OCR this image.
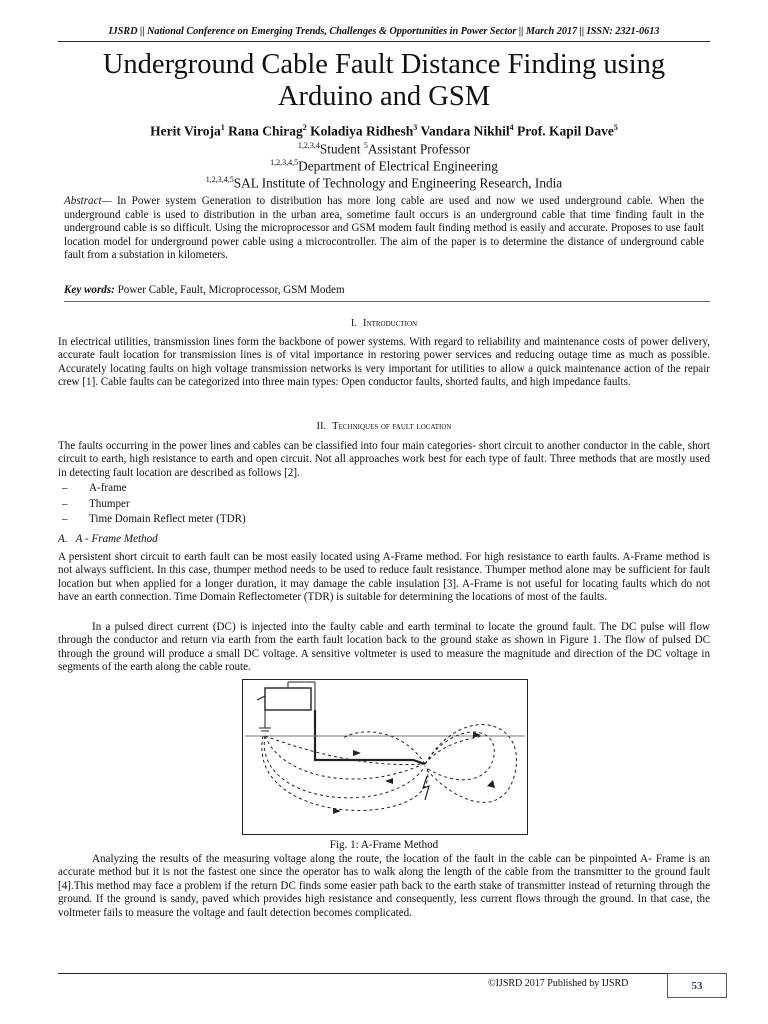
IJSRD || National Conference on Emerging Trends, Challenges & Opportunities in Power Sector || March 2017 || ISSN: 2321-0613
Underground Cable Fault Distance Finding using
Arduino and GSM
Herit Viroja$^1$ Rana Chirag$^2$ Koladiya Ridhesh$^3$ Vandara Nikhil$^4$ Prof. Kapil Dave$^5$
$^{1,2,3,4}$Student $^5$Assistant Professor
$^{1,2,3,4,5}$Department of Electrical Engineering
$^{1,2,3,4,5}$SAL Institute of Technology and Engineering Research, India

Abstract— In Power system Generation to distribution has more long cable are used and now we used underground cable. When the underground cable is used to distribution in the urban area, sometime fault occurs is an underground cable that time finding fault in the underground cable is so difficult. Using the microprocessor and GSM modem fault finding method is easily and accurate. Proposes to use fault location model for underground power cable using a microcontroller. The aim of the paper is to determine the distance of underground cable fault from a substation in kilometers.

Key words: Power Cable, Fault, Microprocessor, GSM Modem

I. Introduction

In electrical utilities, transmission lines form the backbone of power systems. With regard to reliability and maintenance costs of power delivery, accurate fault location for transmission lines is of vital importance in restoring power services and reducing outage time as much as possible. Accurately locating faults on high voltage transmission networks is very important for utilities to allow a quick maintenance action of the repair crew [1]. Cable faults can be categorized into three main types: Open conductor faults, shorted faults, and high impedance faults.

II. Techniques of fault location

The faults occurring in the power lines and cables can be classified into four main categories- short circuit to another conductor in the cable, short circuit to earth, high resistance to earth and open circuit. Not all approaches work best for each type of fault. Three methods that are mostly used in detecting fault location are described as follows [2].

–	A-frame
–	Thumper
–	Time Domain Reflect meter (TDR)
A.   A - Frame Method

A persistent short circuit to earth fault can be most easily located using A-Frame method. For high resistance to earth faults. A-Frame method is not always sufficient. In this case, thumper method needs to be used to reduce fault resistance. Thumper method alone may be sufficient for fault location but when applied for a longer duration, it may damage the cable insulation [3]. A-Frame is not useful for locating faults which do not have an earth connection. Time Domain Reflectometer (TDR) is suitable for determining the locations of most of the faults.

In a pulsed direct current (DC) is injected into the faulty cable and earth terminal to locate the ground fault. The DC pulse will flow through the conductor and return via earth from the earth fault location back to the ground stake as shown in Figure 1. The flow of pulsed DC through the ground will produce a small DC voltage. A sensitive voltmeter is used to measure the magnitude and direction of the DC voltage in segments of the earth along the cable route.

Fig. 1: A-Frame Method

Analyzing the results of the measuring voltage along the route, the location of the fault in the cable can be pinpointed A- Frame is an accurate method but it is not the fastest one since the operator has to walk along the length of the cable from the transmitter to the ground fault [4].This method may face a problem if the return DC finds some easier path back to the earth stake of transmitter instead of returning through the ground. If the ground is sandy, paved which provides high resistance and consequently, less current flows through the ground. In that case, the voltmeter fails to measure the voltage and fault detection becomes complicated.

©IJSRD 2017 Published by IJSRD	53
